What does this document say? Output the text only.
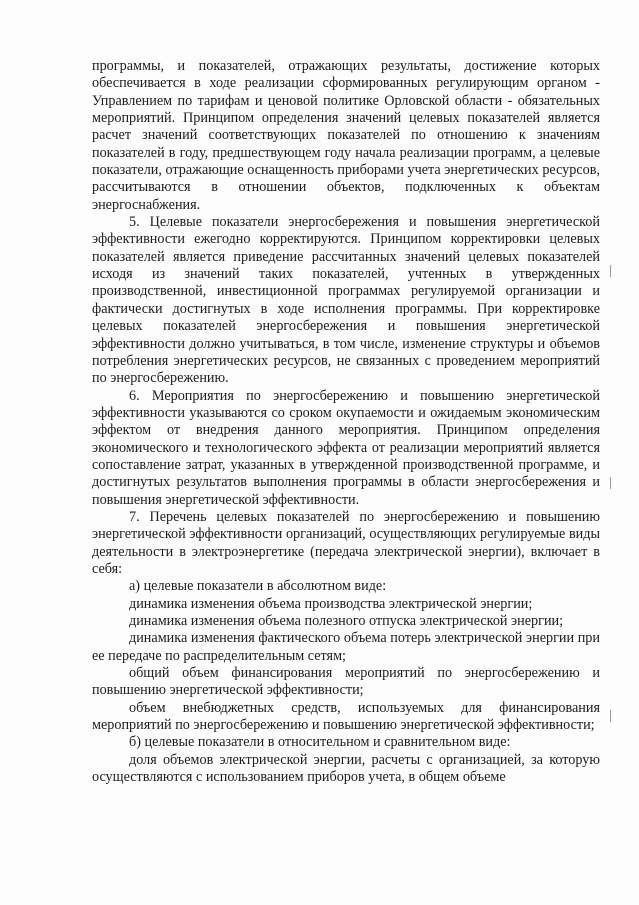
программы, и показателей, отражающих результаты, достижение которых обеспечивается в ходе реализации сформированных регулирующим органом - Управлением по тарифам и ценовой политике Орловской области - обязательных мероприятий. Принципом определения значений целевых показателей является расчет значений соответствующих показателей по отношению к значениям показателей в году, предшествующем году начала реализации программ, а целевые показатели, отражающие оснащенность приборами учета энергетических ресурсов, рассчитываются в отношении объектов, подключенных к объектам энергоснабжения.

5. Целевые показатели энергосбережения и повышения энергетической эффективности ежегодно корректируются. Принципом корректировки целевых показателей является приведение рассчитанных значений целевых показателей исходя из значений таких показателей, учтенных в утвержденных производственной, инвестиционной программах регулируемой организации и фактически достигнутых в ходе исполнения программы. При корректировке целевых показателей энергосбережения и повышения энергетической эффективности должно учитываться, в том числе, изменение структуры и объемов потребления энергетических ресурсов, не связанных с проведением мероприятий по энергосбережению.

6. Мероприятия по энергосбережению и повышению энергетической эффективности указываются со сроком окупаемости и ожидаемым экономическим эффектом от внедрения данного мероприятия. Принципом определения экономического и технологического эффекта от реализации мероприятий является сопоставление затрат, указанных в утвержденной производственной программе, и достигнутых результатов выполнения программы в области энергосбережения и повышения энергетической эффективности.

7. Перечень целевых показателей по энергосбережению и повышению энергетической эффективности организаций, осуществляющих регулируемые виды деятельности в электроэнергетике (передача электрической энергии), включает в себя:

а) целевые показатели в абсолютном виде:

динамика изменения объема производства электрической энергии;

динамика изменения объема полезного отпуска электрической энергии;

динамика изменения фактического объема потерь электрической энергии при ее передаче по распределительным сетям;

общий объем финансирования мероприятий по энергосбережению и повышению энергетической эффективности;

объем внебюджетных средств, используемых для финансирования мероприятий по энергосбережению и повышению энергетической эффективности;

б) целевые показатели в относительном и сравнительном виде:

доля объемов электрической энергии, расчеты с организацией, за которую осуществляются с использованием приборов учета, в общем объеме
